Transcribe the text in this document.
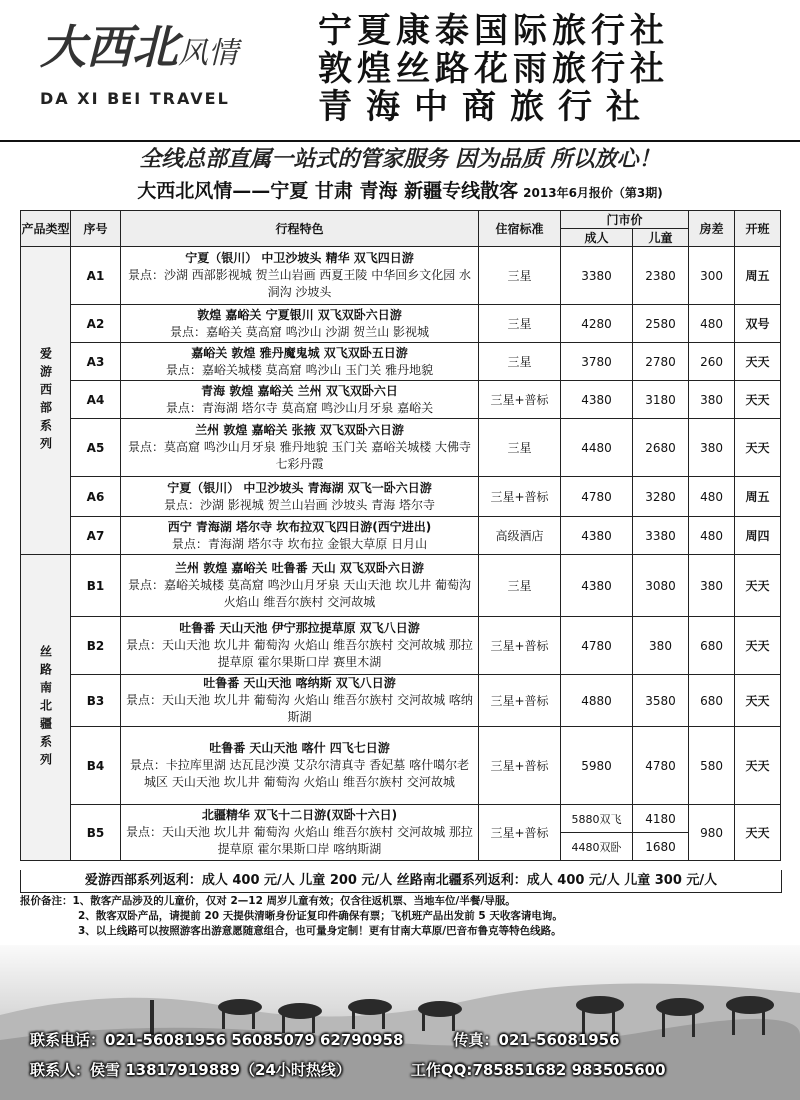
大西北风情
DA XI BEI TRAVEL
宁夏康泰国际旅行社
敦煌丝路花雨旅行社
青海中商旅行社
全线总部直属一站式的管家服务 因为品质 所以放心！
大西北风情——宁夏 甘肃 青海 新疆专线散客 2013年6月报价（第3期)
产品类型	序号	行程特色	住宿标准	门市价		房差	开班
				成人	儿童		
爱游西部系列	A1	宁夏（银川） 中卫沙坡头 精华 双飞四日游
景点：沙湖 西部影视城 贺兰山岩画 西夏王陵 中华回乡文化园 水洞沟 沙坡头	三星	3380	2380	300	周五
	A2	敦煌 嘉峪关 宁夏银川 双飞双卧六日游
景点：嘉峪关 莫高窟 鸣沙山 沙湖 贺兰山 影视城	三星	4280	2580	480	双号
	A3	嘉峪关 敦煌 雅丹魔鬼城 双飞双卧五日游
景点：嘉峪关城楼 莫高窟 鸣沙山 玉门关 雅丹地貌	三星	3780	2780	260	天天
	A4	青海 敦煌 嘉峪关 兰州 双飞双卧六日
景点：青海湖 塔尔寺 莫高窟 鸣沙山月牙泉 嘉峪关	三星+普标	4380	3180	380	天天
	A5	兰州 敦煌 嘉峪关 张掖 双飞双卧六日游
景点：莫高窟 鸣沙山月牙泉 雅丹地貌 玉门关 嘉峪关城楼 大佛寺 七彩丹霞	三星	4480	2680	380	天天
	A6	宁夏（银川） 中卫沙坡头 青海湖 双飞一卧六日游
景点：沙湖 影视城 贺兰山岩画 沙坡头 青海 塔尔寺	三星+普标	4780	3280	480	周五
	A7	西宁 青海湖 塔尔寺 坎布拉双飞四日游(西宁进出)
景点：青海湖 塔尔寺 坎布拉 金银大草原 日月山	高级酒店	4380	3380	480	周四
丝路南北疆系列	B1	兰州 敦煌 嘉峪关 吐鲁番 天山 双飞双卧六日游
景点：嘉峪关城楼 莫高窟 鸣沙山月牙泉 天山天池 坎儿井 葡萄沟 火焰山 维吾尔族村 交河故城	三星	4380	3080	380	天天
	B2	吐鲁番 天山天池 伊宁那拉提草原 双飞八日游
景点：天山天池 坎儿井 葡萄沟 火焰山 维吾尔族村 交河故城 那拉提草原 霍尔果斯口岸 赛里木湖	三星+普标	4780	380	680	天天
	B3	吐鲁番 天山天池 喀纳斯 双飞八日游
景点：天山天池 坎儿井 葡萄沟 火焰山 维吾尔族村 交河故城 喀纳斯湖	三星+普标	4880	3580	680	天天
	B4	吐鲁番 天山天池 喀什 四飞七日游
景点：卡拉库里湖 达瓦昆沙漠 艾尕尔清真寺 香妃墓 喀什噶尔老城区 天山天池 坎儿井 葡萄沟 火焰山 维吾尔族村 交河故城	三星+普标	5980	4780	580	天天
	B5	北疆精华 双飞十二日游(双卧十六日)
景点：天山天池 坎儿井 葡萄沟 火焰山 维吾尔族村 交河故城 那拉提草原 霍尔果斯口岸 喀纳斯湖	三星+普标	5880双飞	4180	980	天天
				4480双卧	1680		
爱游西部系列返利：成人 400 元/人 儿童 200 元/人 丝路南北疆系列返利：成人 400 元/人 儿童 300 元/人
报价备注：1、散客产品涉及的儿童价，仅对 2—12 周岁儿童有效；仅含往返机票、当地车位/半餐/导服。
2、散客双卧产品，请提前 20 天提供清晰身份证复印件确保有票；飞机班产品出发前 5 天收客请电询。
3、以上线路可以按照游客出游意愿随意组合，也可量身定制！更有甘南大草原/巴音布鲁克等特色线路。
联系电话：021-56081956 56085079 62790958	传真：021-56081956
联系人：侯雪 13817919889（24小时热线）	工作QQ:785851682 983505600
